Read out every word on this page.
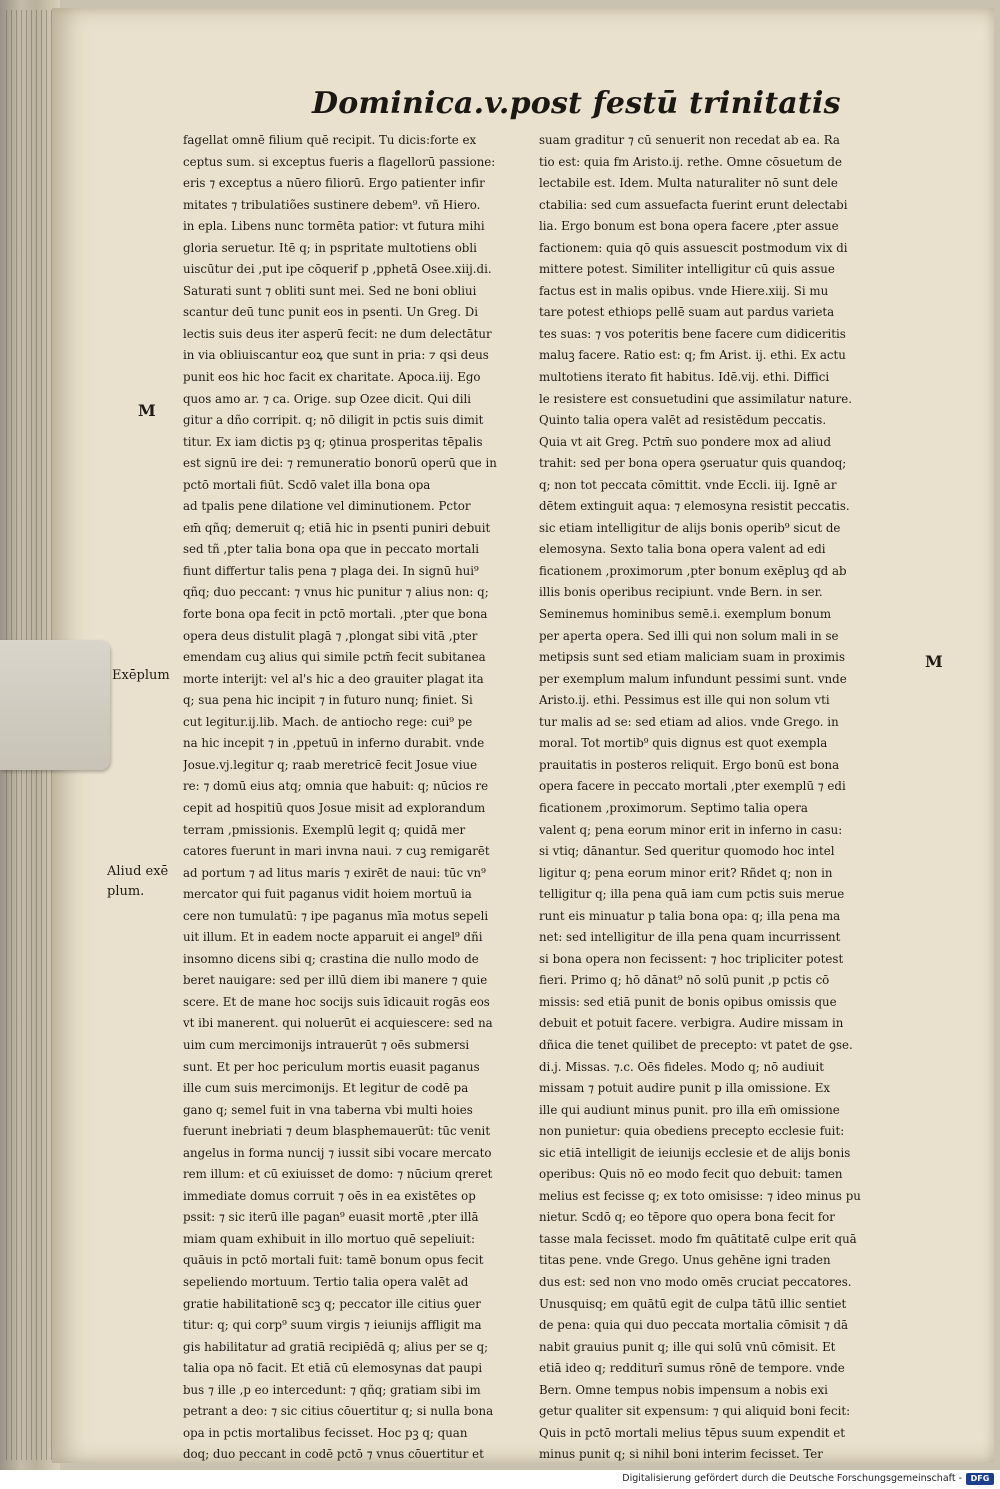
Dominica.v.post festū trinitatis
M
Exēplum
Aliud exē
plum.
M
fagellat omnē filium quē recipit. Tu dicis:forte ex
ceptus sum. si exceptus fueris a flagellorū passione:
eris ⁊ exceptus a nūero filiorū. Ergo patienter infir
mitates ⁊ tribulatiões sustinere debem⁹. vñ Hiero.
in epla. Libens nunc tormēta patior: vt futura mihi
gloria seruetur. Itē q; in pspritate multotiens obli
uiscūtur dei ,put ipe cōquerif p ,pphetā Osee.xiij.di.
Saturati sunt ⁊ obliti sunt mei. Sed ne boni obliui
scantur deū tunc punit eos in psenti. Un Greg. Di
lectis suis deus iter asperū fecit: ne dum delectātur
in via obliuiscantur eoꝝ que sunt in pria: ⁊ qsi deus
punit eos hic hoc facit ex charitate. Apoca.iij. Ego
quos amo ar. ⁊ ca. Orige. sup Ozee dicit. Qui dili
gitur a dño corripit. q; nō diligit in pctis suis dimit
titur. Ex iam dictis pꝫ q; ꝯtinua prosperitas tēpalis
est signū ire dei: ⁊ remuneratio bonorū operū que in
pctō mortali fiūt. Scdō valet illa bona opa
ad tpalis pene dilatione vel diminutionem. Pctor
em̄ qñq; demeruit q; etiā hic in psenti puniri debuit
sed tñ ,pter talia bona opa que in peccato mortali
fiunt differtur talis pena ⁊ plaga dei. In signū hui⁹
qñq; duo peccant: ⁊ vnus hic punitur ⁊ alius non: q;
forte bona opa fecit in pctō mortali. ,pter que bona
opera deus distulit plagā ⁊ ,plongat sibi vitā ,pter
emendam cuꝫ alius qui simile pctm̄ fecit subitanea
morte interijt: vel al's hic a deo grauiter plagat ita
q; sua pena hic incipit ⁊ in futuro nunq; finiet. Si
cut legitur.ij.lib. Mach. de antiocho rege: cui⁹ pe
na hic incepit ⁊ in ,ppetuū in inferno durabit. vnde
Josue.vj.legitur q; raab meretricē fecit Josue viue
re: ⁊ domū eius atq; omnia que habuit: q; nūcios re
cepit ad hospitiū quos Josue misit ad explorandum
terram ,pmissionis. Exemplū legit q; quidā mer
catores fuerunt in mari invna naui. ⁊ cuꝫ remigarēt
ad portum ⁊ ad litus maris ⁊ exirēt de naui: tūc vn⁹
mercator qui fuit paganus vidit hoiem mortuū ia
cere non tumulatū: ⁊ ipe paganus mīa motus sepeli
uit illum. Et in eadem nocte apparuit ei angel⁹ dñi
insomno dicens sibi q; crastina die nullo modo de
beret nauigare: sed per illū diem ibi manere ⁊ quie
scere. Et de mane hoc socijs suis īdicauit rogās eos
vt ibi manerent. qui noluerūt ei acquiescere: sed na
uim cum mercimonijs intrauerūt ⁊ oēs submersi
sunt. Et per hoc periculum mortis euasit paganus
ille cum suis mercimonijs. Et legitur de codē pa
gano q; semel fuit in vna taberna vbi multi hoies
fuerunt inebriati ⁊ deum blasphemauerūt: tūc venit
angelus in forma nuncij ⁊ iussit sibi vocare mercato
rem illum: et cū exiuisset de domo: ⁊ nūcium qreret
immediate domus corruit ⁊ oēs in ea existētes op
pssit: ⁊ sic iterū ille pagan⁹ euasit mortē ,pter illā
miam quam exhibuit in illo mortuo quē sepeliuit:
quāuis in pctō mortali fuit: tamē bonum opus fecit
sepeliendo mortuum. Tertio talia opera valēt ad
gratie habilitationē scꝫ q; peccator ille citius ꝯuer
titur: q; qui corp⁹ suum virgis ⁊ ieiunijs affligit ma
gis habilitatur ad gratiā recipiēdā q; alius per se q;
talia opa nō facit. Et etiā cū elemosynas dat paupi
bus ⁊ ille ,p eo intercedunt: ⁊ qñq; gratiam sibi im
petrant a deo: ⁊ sic citius cōuertitur q; si nulla bona
opa in pctis mortalibus fecisset. Hoc pꝫ q; quan
doq; duo peccant in codē pctō ⁊ vnus cōuertitur et
suam graditur ⁊ cū senuerit non recedat ab ea. Ra
tio est: quia fm Aristo.ij. rethe. Omne cōsuetum de
lectabile est. Idem. Multa naturaliter nō sunt dele
ctabilia: sed cum assuefacta fuerint erunt delectabi
lia. Ergo bonum est bona opera facere ,pter assue
factionem: quia qō quis assuescit postmodum vix di
mittere potest. Similiter intelligitur cū quis assue
factus est in malis opibus. vnde Hiere.xiij. Si mu
tare potest ethiops pellē suam aut pardus varieta
tes suas: ⁊ vos poteritis bene facere cum didiceritis
maluꝫ facere. Ratio est: q; fm Arist. ij. ethi. Ex actu
multotiens iterato fit habitus. Idē.vij. ethi. Diffici
le resistere est consuetudini que assimilatur nature.
Quinto talia opera valēt ad resistēdum peccatis.
Quia vt ait Greg. Pctm̄ suo pondere mox ad aliud
trahit: sed per bona opera ꝯseruatur quis quandoq;
q; non tot peccata cōmittit. vnde Eccli. iij. Ignē ar
dētem extinguit aqua: ⁊ elemosyna resistit peccatis.
sic etiam intelligitur de alijs bonis operib⁹ sicut de
elemosyna. Sexto talia bona opera valent ad edi
ficationem ,proximorum ,pter bonum exēpluꝫ qd ab
illis bonis operibus recipiunt. vnde Bern. in ser.
Seminemus hominibus semē.i. exemplum bonum
per aperta opera. Sed illi qui non solum mali in se
metipsis sunt sed etiam maliciam suam in proximis
per exemplum malum infundunt pessimi sunt. vnde
Aristo.ij. ethi. Pessimus est ille qui non solum vti
tur malis ad se: sed etiam ad alios. vnde Grego. in
moral. Tot mortib⁹ quis dignus est quot exempla
prauitatis in posteros reliquit. Ergo bonū est bona
opera facere in peccato mortali ,pter exemplū ⁊ edi
ficationem ,proximorum. Septimo talia opera
valent q; pena eorum minor erit in inferno in casu:
si vtiq; dānantur. Sed queritur quomodo hoc intel
ligitur q; pena eorum minor erit? Rñdet q; non in
telligitur q; illa pena quā iam cum pctis suis merue
runt eis minuatur p talia bona opa: q; illa pena ma
net: sed intelligitur de illa pena quam incurrissent
si bona opera non fecissent: ⁊ hoc tripliciter potest
fieri. Primo q; hō dānat⁹ nō solū punit ,p pctis cō
missis: sed etiā punit de bonis opibus omissis que
debuit et potuit facere. verbigra. Audire missam in
dñica die tenet quilibet de precepto: vt patet de ꝯse.
di.j. Missas. ⁊.c. Oēs fideles. Modo q; nō audiuit
missam ⁊ potuit audire punit p illa omissione. Ex
ille qui audiunt minus punit. pro illa em̄ omissione
non punietur: quia obediens precepto ecclesie fuit:
sic etiā intelligit de ieiunijs ecclesie et de alijs bonis
operibus: Quis nō eo modo fecit quo debuit: tamen
melius est fecisse q; ex toto omisisse: ⁊ ideo minus pu
nietur. Scdō q; eo tēpore quo opera bona fecit for
tasse mala fecisset. modo fm quātitatē culpe erit quā
titas pene. vnde Grego. Unus gehēne igni traden
dus est: sed non vno modo omēs cruciat peccatores.
Unusquisq; em quātū egit de culpa tātū illic sentiet
de pena: quia qui duo peccata mortalia cōmisit ⁊ dā
nabit grauius punit q; ille qui solū vnū cōmisit. Et
etiā ideo q; redditurī sumus rōnē de tempore. vnde
Bern. Omne tempus nobis impensum a nobis exi
getur qualiter sit expensum: ⁊ qui aliquid boni fecit:
Quis in pctō mortali melius tēpus suum expendit et
minus punit q; si nihil boni interim fecisset. Ter

Digitalisierung gefördert durch die Deutsche Forschungsgemeinschaft -	DFG
